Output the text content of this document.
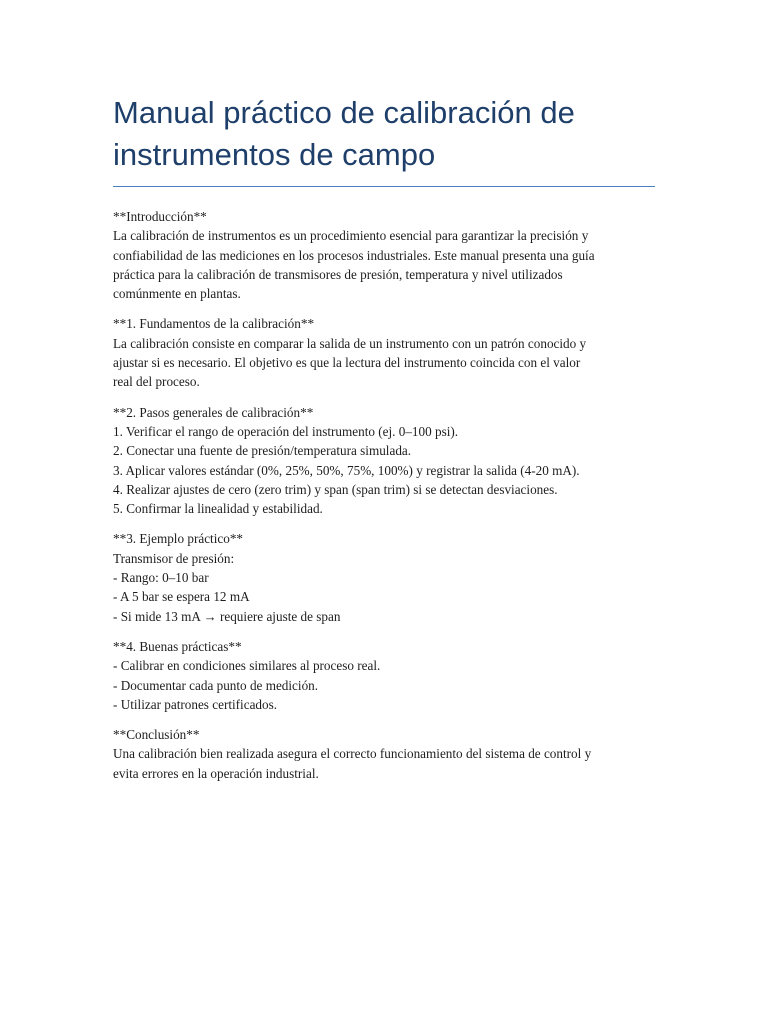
Manual práctico de calibración de
instrumentos de campo
**Introducción**
La calibración de instrumentos es un procedimiento esencial para garantizar la precisión y
confiabilidad de las mediciones en los procesos industriales. Este manual presenta una guía
práctica para la calibración de transmisores de presión, temperatura y nivel utilizados
comúnmente en plantas.
**1. Fundamentos de la calibración**
La calibración consiste en comparar la salida de un instrumento con un patrón conocido y
ajustar si es necesario. El objetivo es que la lectura del instrumento coincida con el valor
real del proceso.
**2. Pasos generales de calibración**
1. Verificar el rango de operación del instrumento (ej. 0–100 psi).
2. Conectar una fuente de presión/temperatura simulada.
3. Aplicar valores estándar (0%, 25%, 50%, 75%, 100%) y registrar la salida (4-20 mA).
4. Realizar ajustes de cero (zero trim) y span (span trim) si se detectan desviaciones.
5. Confirmar la linealidad y estabilidad.
**3. Ejemplo práctico**
Transmisor de presión:
- Rango: 0–10 bar
- A 5 bar se espera 12 mA
- Si mide 13 mA → requiere ajuste de span
**4. Buenas prácticas**
- Calibrar en condiciones similares al proceso real.
- Documentar cada punto de medición.
- Utilizar patrones certificados.
**Conclusión**
Una calibración bien realizada asegura el correcto funcionamiento del sistema de control y
evita errores en la operación industrial.
